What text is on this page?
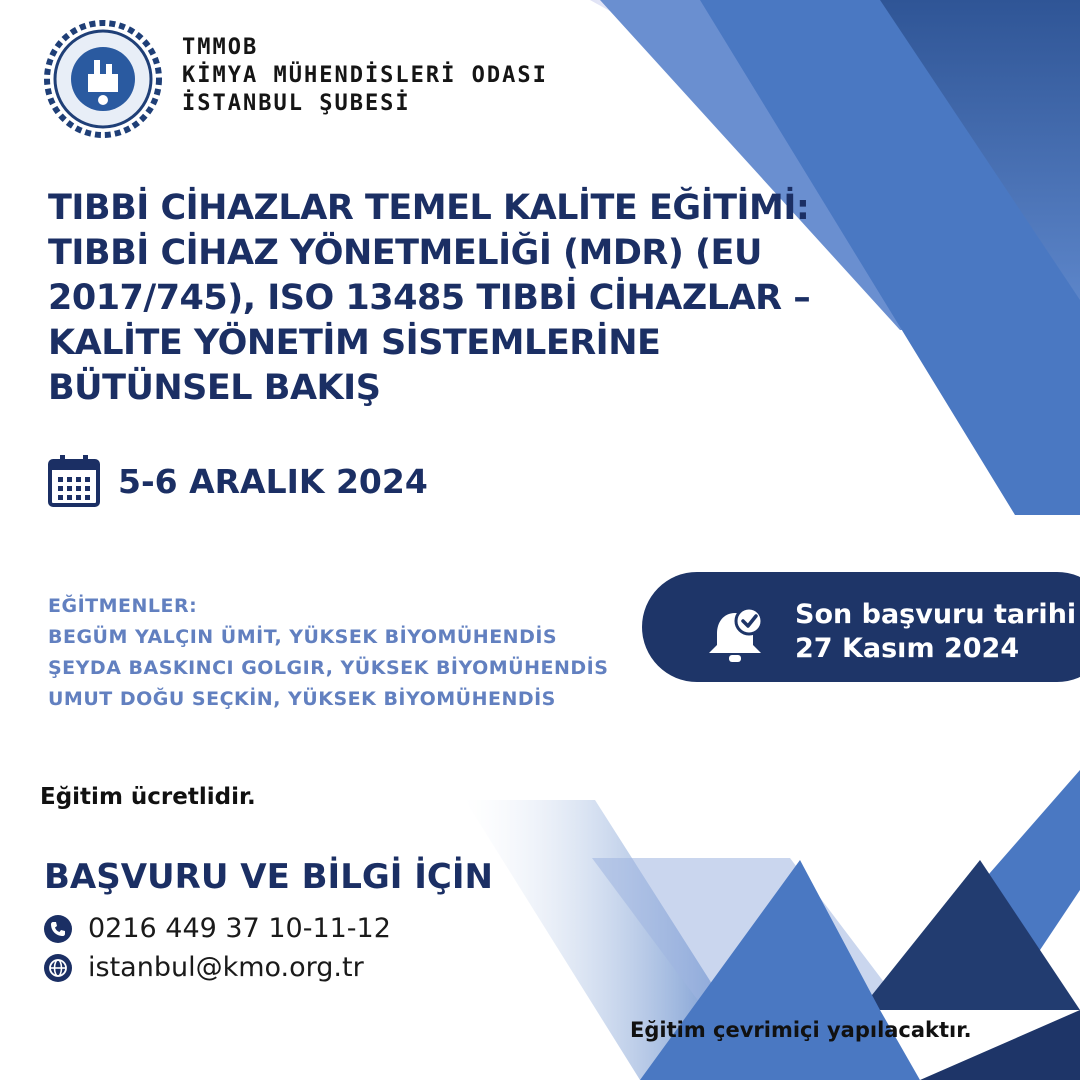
TMMOB
KİMYA MÜHENDİSLERİ ODASI
İSTANBUL ŞUBESİ
TIBBİ CİHAZLAR TEMEL KALİTE EĞİTİMİ:
TIBBİ CİHAZ YÖNETMELİĞİ (MDR) (EU
2017/745), ISO 13485 TIBBİ CİHAZLAR –
KALİTE YÖNETİM SİSTEMLERİNE
BÜTÜNSEL BAKIŞ
5-6 ARALIK 2024
EĞİTMENLER:
BEGÜM YALÇIN ÜMİT, YÜKSEK BİYOMÜHENDİS
ŞEYDA BASKINCI GOLGIR, YÜKSEK BİYOMÜHENDİS
UMUT DOĞU SEÇKİN, YÜKSEK BİYOMÜHENDİS
Son başvuru tarihi
27 Kasım 2024
Eğitim ücretlidir.
BAŞVURU VE BİLGİ İÇİN
0216 449 37 10-11-12
istanbul@kmo.org.tr
Eğitim çevrimiçi yapılacaktır.
